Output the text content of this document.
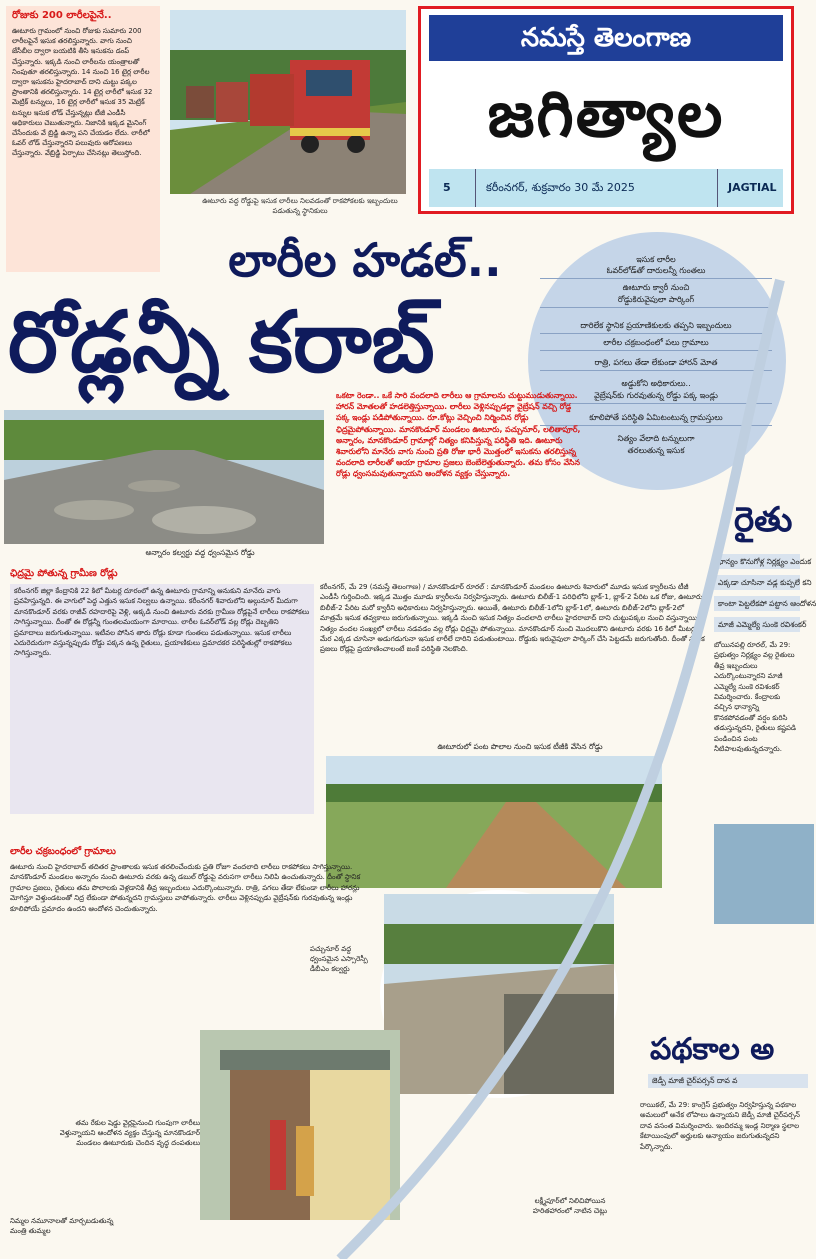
రోజుకు 200 లారీలపైనే..

ఊటూరు గ్రామంలో నుంచి రోజుకు సుమారు 200 లారీలపైనే ఇసుక తరలిస్తున్నారు. వాగు నుంచి జేసీబీల ద్వారా బయటికి తీసి ఇసుకను డంప్ చేస్తున్నారు. ఇక్కడి నుంచి లారీలను యంత్రాలతో నింపుతూ తరలిస్తున్నారు. 14 నుంచి 16 టైర్ల లారీల ద్వారా ఇసుకను హైదరాబాద్ దాని చుట్టు పక్కల ప్రాంతానికి తరలిస్తున్నారు. 14 టైర్ల లారీలో ఇసుక 32 మెట్రిక్ టన్నులు, 16 టైర్ల లారీలో ఇసుక 35 మెట్రిక్ టన్నుల ఇసుక లోడ్ చేస్తున్నట్లు టీజీ ఎండీసీ అధికారులు చెబుతున్నారు. నిజానికి ఇక్కడ మైనింగ్ చేసేందుకు వే బ్రిడ్జి ఉన్నా పని చేయడం లేదు. లారీలో ఓవర్ లోడ్ చేస్తున్నారని పలువురు ఆరోపణలు చేస్తున్నారు. వేబ్రిడ్జి ఏర్పాటు చేసినట్లు తెలుస్తోంది.

ఊటూరు వద్ద రోడ్డుపై ఇసుక లారీలు నిలవడంతో రాకపోకలకు ఇబ్బందులు పడుతున్న స్థానికులు
నమస్తే తెలంగాణ
జగిత్యాల
5	కరీంనగర్, శుక్రవారం 30 మే 2025	JAGTIAL
లారీల హడల్..
రోడ్లన్నీ కరాబ్
ఇసుక లారీల
ఓవర్‌లోడ్‌తో దారులన్నీ గుంతలు
ఊటూరు క్వారీ నుంచి
రోడ్డుకిరువైపులా పార్కింగ్
దారిలేక స్థానిక ప్రయాణికులకు తప్పని ఇబ్బందులు
లారీల చక్రబంధంలో పలు గ్రామాలు
రాత్రి, పగలు తేడా లేకుండా హారన్ మోత
అడ్డుకోని అధికారులు..
వైబ్రేషన్‌కు గురవుతున్న రోడ్డు పక్క ఇండ్లు
కూలిపోతే పరిస్థితి ఏమిటంటున్న గ్రామస్తులు
నిత్యం వేలాది టన్నులుగా
తరలుతున్న ఇసుక
అన్నారం కల్వర్టు వద్ద ధ్వంసమైన రోడ్డు

ఒకటా రెండా.. ఒకే సారి వందలాది లారీలు ఆ గ్రామాలను చుట్టుముడుతున్నాయి. హారన్ మోతలతో హడలెత్తిస్తున్నాయి. లారీలు వెళ్లినప్పుడల్లా వైబ్రేషన్ వచ్చి రోడ్డ పక్క ఇండ్లు పడిపోతున్నాయి. రూ.కోట్లు వెచ్చించి నిర్మించిన రోడ్లు ఛిద్రమైపోతున్నాయి. మానకొండూర్ మండలం ఊటూరు, పచ్చునూర్, లలితాపూర్, అన్నారం, మానకొండూర్ గ్రామాల్లో నిత్యం కనిపిస్తున్న పరిస్థితి ఇది. ఊటూరు శివారులోని మానేరు వాగు నుంచి ప్రతి రోజు భారీ మొత్తంలో ఇసుకను తరలిస్తున్న వందలాది లారీలతో ఆయా గ్రామాల ప్రజలు బెంబేలెత్తుతున్నారు. తమ కోసం వేసిన రోడ్లు ధ్వంసమవుతున్నాయని ఆందోళన వ్యక్తం చేస్తున్నారు.

ఛిద్రమై పోతున్న గ్రామీణ రోడ్లు

కరీంనగర్ జిల్లా కేంద్రానికి 22 కిలో మీటర్ల దూరంలో ఉన్న ఊటూరు గ్రామాన్ని ఆనుకుని మానేరు వాగు ప్రవహిస్తున్నది. ఈ వాగులో పెద్ద ఎత్తున ఇసుక నిల్వలు ఉన్నాయి. కరీంనగర్ శివారులోని అల్గునూర్ మీదుగా మానకొండూర్ వరకు రాజీవ్ రహదారిపై వెళ్లి, అక్కడి నుంచి ఊటూరు వరకు గ్రామీణ రోడ్లపైనే లారీలు రాకపోకలు సాగిస్తున్నాయి. దీంతో ఈ రోడ్లన్నీ గుంతలమయంగా మారాయి. లారీల ఓవర్‌లోడ్ వల్ల రోడ్లు దెబ్బతిని ప్రమాదాలు జరుగుతున్నాయి. ఇటీవల పోసిన తారు రోడ్లు కూడా గుంతలు పడుతున్నాయి. ఇసుక లారీలు ఎదురెదురుగా వస్తున్నప్పుడు రోడ్డు పక్కన ఉన్న రైతులు, ప్రయాణికులు ప్రమాదకర పరిస్థితుల్లో రాకపోకలు సాగిస్తున్నారు.

కరీంనగర్, మే 29 (నమస్తే తెలంగాణ) / మానకొండూర్ రూరల్ : మానకొండూర్ మండలం ఊటూరు శివారులో మూడు ఇసుక క్వారీలను టీజీ ఎండీసీ గుర్తించింది. ఇక్కడ మొత్తం మూడు క్వారీలను నిర్వహిస్తున్నారు. ఊటూరు బిలీజ్-1 పరిధిలోని బ్లాక్-1, బ్లాక్-2 పేరిట ఒక రోజు, ఊటూరు బిలీజ్-2 పేరిట మరో క్వారీని అధికారులు నిర్వహిస్తున్నారు. అయితే, ఊటూరు బిలీజ్-1లోని బ్లాక్-1లో, ఊటూరు బిలీజ్-2లోని బ్లాక్-2లో మాత్రమే ఇసుక తవ్వకాలు జరుగుతున్నాయి. ఇక్కడి నుంచి ఇసుక నిత్యం వందలాది లారీలు హైదరాబాద్ దాని చుట్టుపక్కల నుంచి వస్తున్నాయి. నిత్యం వందల సంఖ్యలో లారీలు నడవడం వల్ల రోడ్లు ఛిద్రమై పోతున్నాయి. మానకొండూర్ నుంచి మొదలుకొని ఊటూరు వరకు 16 కిలో మీటర్ల మేర ఎక్కడ చూసినా అడుగడుగునా ఇసుక లారీలే దారిని పడుతుంటాయి. రోడ్డుకు ఇరువైపులా పార్కింగ్ చేసి పెట్టడమే జరుగుతోంది. దీంతో స్థానిక ప్రజలు రోడ్లపై ప్రయాణించాలంటే జంకే పరిస్థితి నెలకొంది.

ఊటూరులో పంట పొలాల నుంచి ఇసుక టీజీకి వేసిన రోడ్డు
లారీల చక్రబంధంలో గ్రామాలు

ఊటూరు నుంచి హైదరాబాద్ తదితర ప్రాంతాలకు ఇసుక తరలించేందుకు ప్రతి రోజూ వందలాది లారీలు రాకపోకలు సాగిస్తున్నాయి. మానకొండూర్ మండలం అన్నారం నుంచి ఊటూరు వరకు ఉన్న డబుల్ రోడ్డుపై వరుసగా లారీలు నిలిపి ఉంచుతున్నారు. దీంతో స్థానిక గ్రామాల ప్రజలు, రైతులు తమ పొలాలకు వెళ్లడానికి తీవ్ర ఇబ్బందులు ఎదుర్కొంటున్నారు. రాత్రి, పగలు తేడా లేకుండా లారీలు హారన్లు మోగిస్తూ వెళ్తుండటంతో నిద్ర లేకుండా పోతున్నదని గ్రామస్తులు వాపోతున్నారు. లారీలు వెళ్లినప్పుడు వైబ్రేషన్‌కు గురవుతున్న ఇండ్లు కూలిపోయే ప్రమాదం ఉందని ఆందోళన చెందుతున్నారు.

పచ్చునూర్ వద్ద ధ్వంసమైన ఎస్సారెస్పీ డీబీఎం కల్వర్టు
తమ రేకుల షెడ్డు వైర్లపైనుంచి గుంపుగా లారీలు వెళ్తున్నాయని ఆందోళన వ్యక్తం చేస్తున్న మానకొండూర్ మండలం ఊటూరుకు చెందిన వృద్ధ దంపతులు
నిమ్మల నమూనాలతో మార్చబడుతున్న మంత్రి తుమ్మల
లక్ష్మీపూర్‌లో నిలిచిపోయిన హరితహారంలో నాటిన చెట్లు
రైతు
ధాన్యం కొనుగోళ్ల నిర్లక్ష్యం ఎందుక
ఎక్కడా చూసినా వడ్ల కుప్పలే కని
కాంటా పెట్టలేకపో పట్టాన ఆందోళన
మాజీ ఎమ్మెల్యే సుంకె రవిశంకర్

బోయినపల్లి రూరల్, మే 29: ప్రభుత్వం నిర్లక్ష్యం వల్ల రైతులు తీవ్ర ఇబ్బందులు ఎదుర్కొంటున్నారని మాజీ ఎమ్మెల్యే సుంకె రవిశంకర్ విమర్శించారు. కేంద్రాలకు వచ్చిన ధాన్యాన్ని కొనకపోవడంతో వర్షం కురిసి తడుస్తున్నదని, రైతులు కష్టపడి పండించిన పంట నీటిపాలవుతున్నదన్నారు.

పథకాల అ
జెడ్పీ మాజీ చైర్‌పర్సన్ దావ వ

రాయికల్, మే 29: కాంగ్రెస్ ప్రభుత్వం నిర్వహిస్తున్న పథకాల అమలులో అనేక లోపాలు ఉన్నాయని జెడ్పీ మాజీ చైర్‌పర్సన్ దావ వసంత విమర్శించారు. ఇందిరమ్మ ఇండ్ల నిర్మాణ స్థలాల కేటాయింపులో అర్హులకు అన్యాయం జరుగుతున్నదని పేర్కొన్నారు.
